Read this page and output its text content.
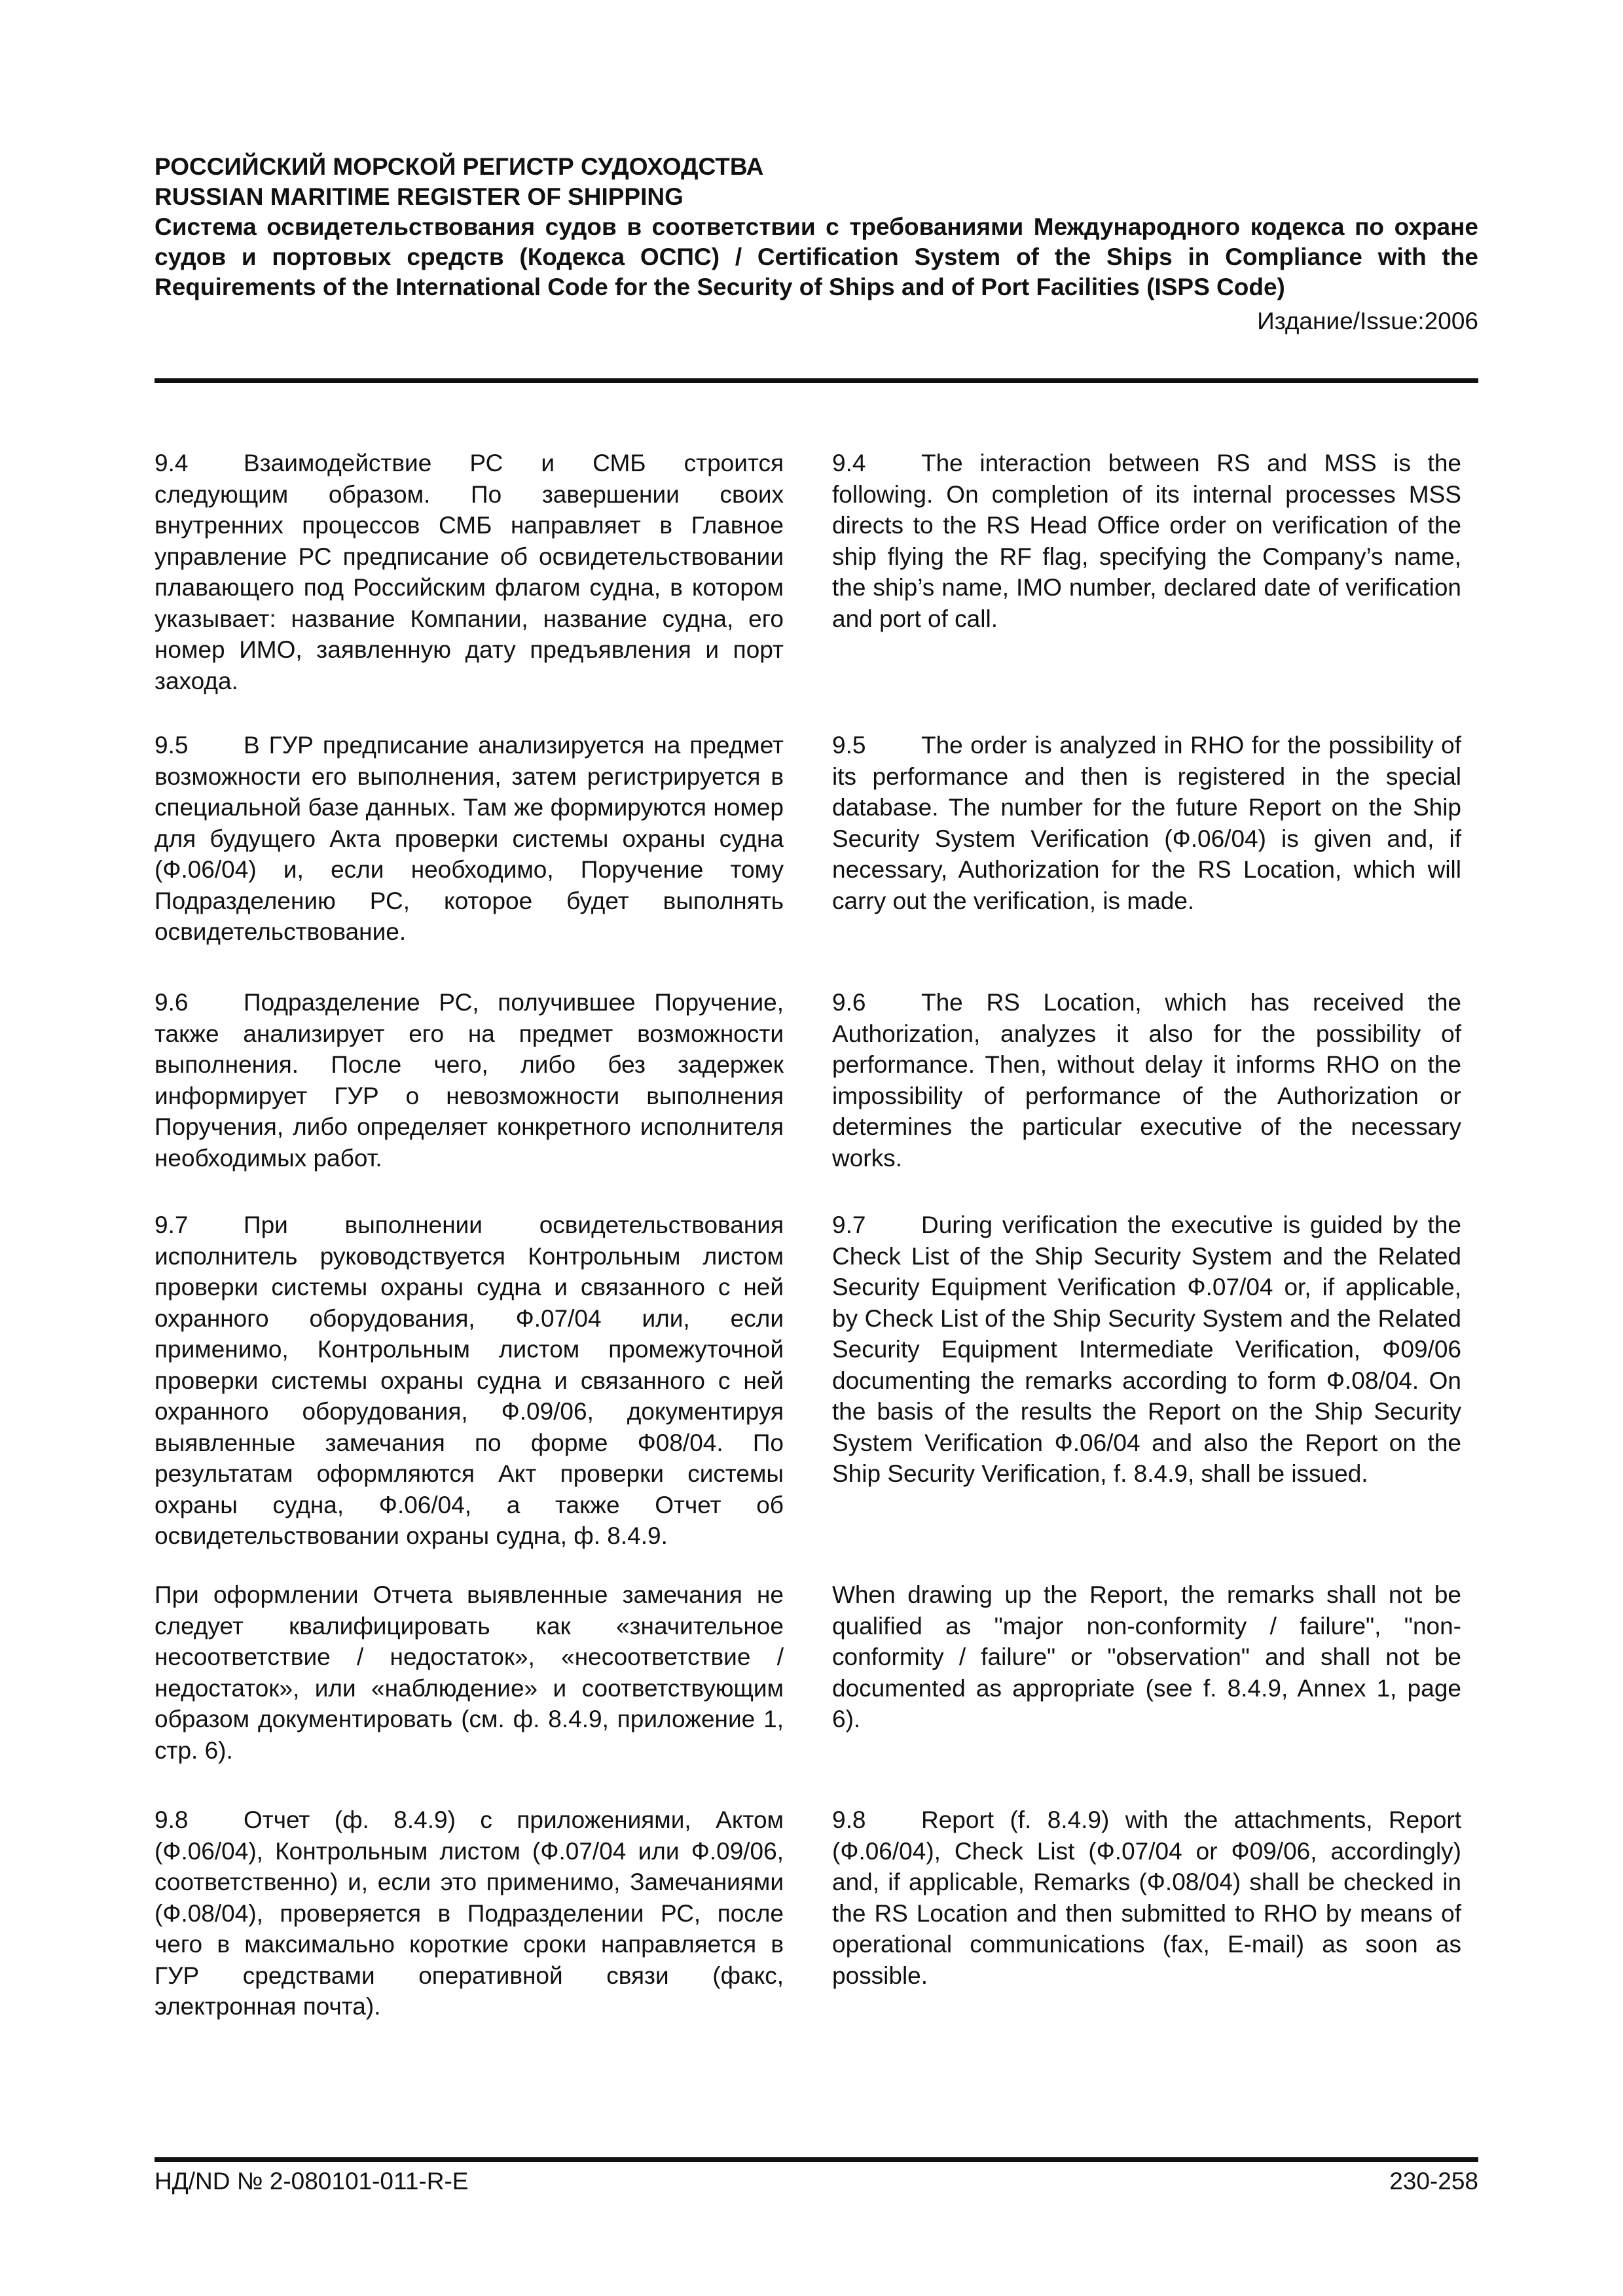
РОССИЙСКИЙ МОРСКОЙ РЕГИСТР СУДОХОДСТВА
RUSSIAN MARITIME REGISTER OF SHIPPING
Система освидетельствования судов в соответствии с требованиями Международного кодекса по охране судов и портовых средств (Кодекса ОСПС) / Certification System of the Ships in Compliance with the Requirements of the International Code for the Security of Ships and of Port Facilities (ISPS Code)
Издание/Issue:2006
9.4 Взаимодействие РС и СМБ строится следующим образом. По завершении своих внутренних процессов СМБ направляет в Главное управление РС предписание об освидетельствовании плавающего под Российским флагом судна, в котором указывает: название Компании, название судна, его номер ИМО, заявленную дату предъявления и порт захода.
9.4 The interaction between RS and MSS is the following. On completion of its internal processes MSS directs to the RS Head Office order on verification of the ship flying the RF flag, specifying the Company’s name, the ship’s name, IMO number, declared date of verification and port of call.
9.5 В ГУР предписание анализируется на предмет возможности его выполнения, затем регистрируется в специальной базе данных. Там же формируются номер для будущего Акта проверки системы охраны судна (Ф.06/04) и, если необходимо, Поручение тому Подразделению РС, которое будет выполнять освидетельствование.
9.5 The order is analyzed in RHO for the possibility of its performance and then is registered in the special database. The number for the future Report on the Ship Security System Verification (Ф.06/04) is given and, if necessary, Authorization for the RS Location, which will carry out the verification, is made.
9.6 Подразделение РС, получившее Поручение, также анализирует его на предмет возможности выполнения. После чего, либо без задержек информирует ГУР о невозможности выполнения Поручения, либо определяет конкретного исполнителя необходимых работ.
9.6 The RS Location, which has received the Authorization, analyzes it also for the possibility of performance. Then, without delay it informs RHO on the impossibility of performance of the Authorization or determines the particular executive of the necessary works.
9.7 При выполнении освидетельствования исполнитель руководствуется Контрольным листом проверки системы охраны судна и связанного с ней охранного оборудования, Ф.07/04 или, если применимо, Контрольным листом промежуточной проверки системы охраны судна и связанного с ней охранного оборудования, Ф.09/06, документируя выявленные замечания по форме Ф08/04. По результатам оформляются Акт проверки системы охраны судна, Ф.06/04, а также Отчет об освидетельствовании охраны судна, ф. 8.4.9.
9.7 During verification the executive is guided by the Check List of the Ship Security System and the Related Security Equipment Verification Ф.07/04 or, if applicable, by Check List of the Ship Security System and the Related Security Equipment Intermediate Verification, Ф09/06 documenting the remarks according to form Ф.08/04. On the basis of the results the Report on the Ship Security System Verification Ф.06/04 and also the Report on the Ship Security Verification, f. 8.4.9, shall be issued.
При оформлении Отчета выявленные замечания не следует квалифицировать как «значительное несоответствие / недостаток», «несоответствие / недостаток», или «наблюдение» и соответствующим образом документировать (см. ф. 8.4.9, приложение 1, стр. 6).
When drawing up the Report, the remarks shall not be qualified as "major non-conformity / failure", "non-conformity / failure" or "observation" and shall not be documented as appropriate (see f. 8.4.9, Annex 1, page 6).
9.8 Отчет (ф. 8.4.9) с приложениями, Актом (Ф.06/04), Контрольным листом (Ф.07/04 или Ф.09/06, соответственно) и, если это применимо, Замечаниями (Ф.08/04), проверяется в Подразделении РС, после чего в максимально короткие сроки направляется в ГУР средствами оперативной связи (факс, электронная почта).
9.8 Report (f. 8.4.9) with the attachments, Report (Ф.06/04), Check List (Ф.07/04 or Ф09/06, accordingly) and, if applicable, Remarks (Ф.08/04) shall be checked in the RS Location and then submitted to RHO by means of operational communications (fax, E-mail) as soon as possible.
НД/ND № 2-080101-011-R-E	230-258
